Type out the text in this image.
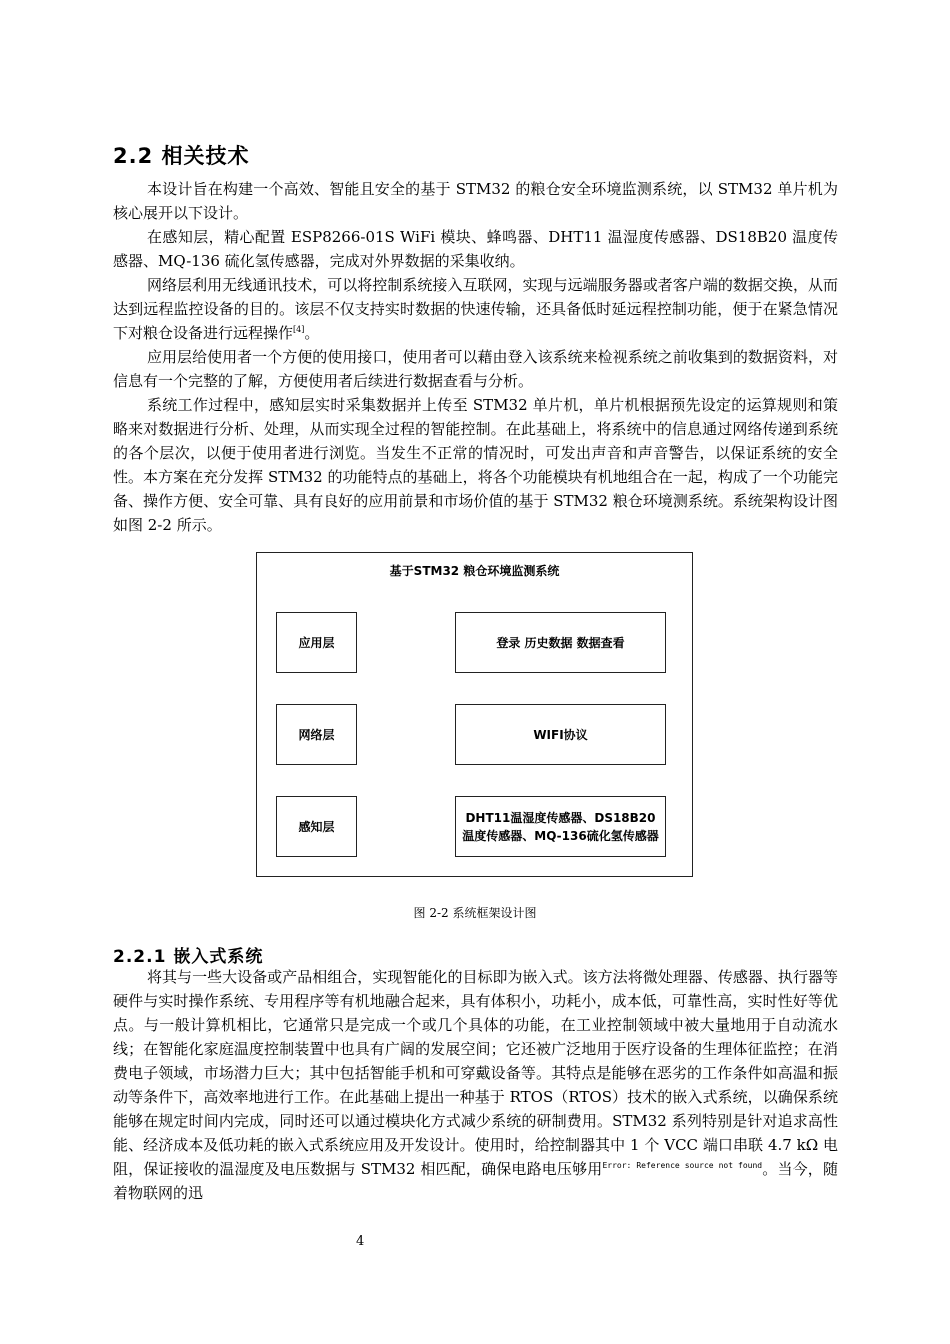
2.2 相关技术

本设计旨在构建一个高效、智能且安全的基于 STM32 的粮仓安全环境监测系统，以 STM32 单片机为核心展开以下设计。

在感知层，精心配置 ESP8266-01S WiFi 模块、蜂鸣器、DHT11 温湿度传感器、DS18B20 温度传感器、MQ-136 硫化氢传感器，完成对外界数据的采集收纳。

网络层利用无线通讯技术，可以将控制系统接入互联网，实现与远端服务器或者客户端的数据交换，从而达到远程监控设备的目的。该层不仅支持实时数据的快速传输，还具备低时延远程控制功能，便于在紧急情况下对粮仓设备进行远程操作[4]。

应用层给使用者一个方便的使用接口，使用者可以藉由登入该系统来检视系统之前收集到的数据资料，对信息有一个完整的了解，方便使用者后续进行数据查看与分析。

系统工作过程中，感知层实时采集数据并上传至 STM32 单片机，单片机根据预先设定的运算规则和策略来对数据进行分析、处理，从而实现全过程的智能控制。在此基础上，将系统中的信息通过网络传递到系统的各个层次，以便于使用者进行浏览。当发生不正常的情况时，可发出声音和声音警告，以保证系统的安全性。本方案在充分发挥 STM32 的功能特点的基础上，将各个功能模块有机地组合在一起，构成了一个功能完备、操作方便、安全可靠、具有良好的应用前景和市场价值的基于 STM32 粮仓环境测系统。系统架构设计图如图 2-2 所示。

基于STM32 粮仓环境监测系统
应用层	登录 历史数据 数据查看
网络层	WIFI协议
感知层
DHT11温湿度传感器、DS18B20温度传感器、MQ-136硫化氢传感器
图 2-2 系统框架设计图
2.2.1 嵌入式系统

将其与一些大设备或产品相组合，实现智能化的目标即为嵌入式。该方法将微处理器、传感器、执行器等硬件与实时操作系统、专用程序等有机地融合起来，具有体积小，功耗小，成本低，可靠性高，实时性好等优点。与一般计算机相比，它通常只是完成一个或几个具体的功能，在工业控制领域中被大量地用于自动流水线；在智能化家庭温度控制装置中也具有广阔的发展空间；它还被广泛地用于医疗设备的生理体征监控；在消费电子领域，市场潜力巨大；其中包括智能手机和可穿戴设备等。其特点是能够在恶劣的工作条件如高温和振动等条件下，高效率地进行工作。在此基础上提出一种基于 RTOS（RTOS）技术的嵌入式系统，以确保系统能够在规定时间内完成，同时还可以通过模块化方式减少系统的研制费用。STM32 系列特别是针对追求高性能、经济成本及低功耗的嵌入式系统应用及开发设计。使用时，给控制器其中 1 个 VCC 端口串联 4.7 kΩ 电阻，保证接收的温湿度及电压数据与 STM32 相匹配，确保电路电压够用$^{Error: Reference source not found}$。当今，随着物联网的迅

4
